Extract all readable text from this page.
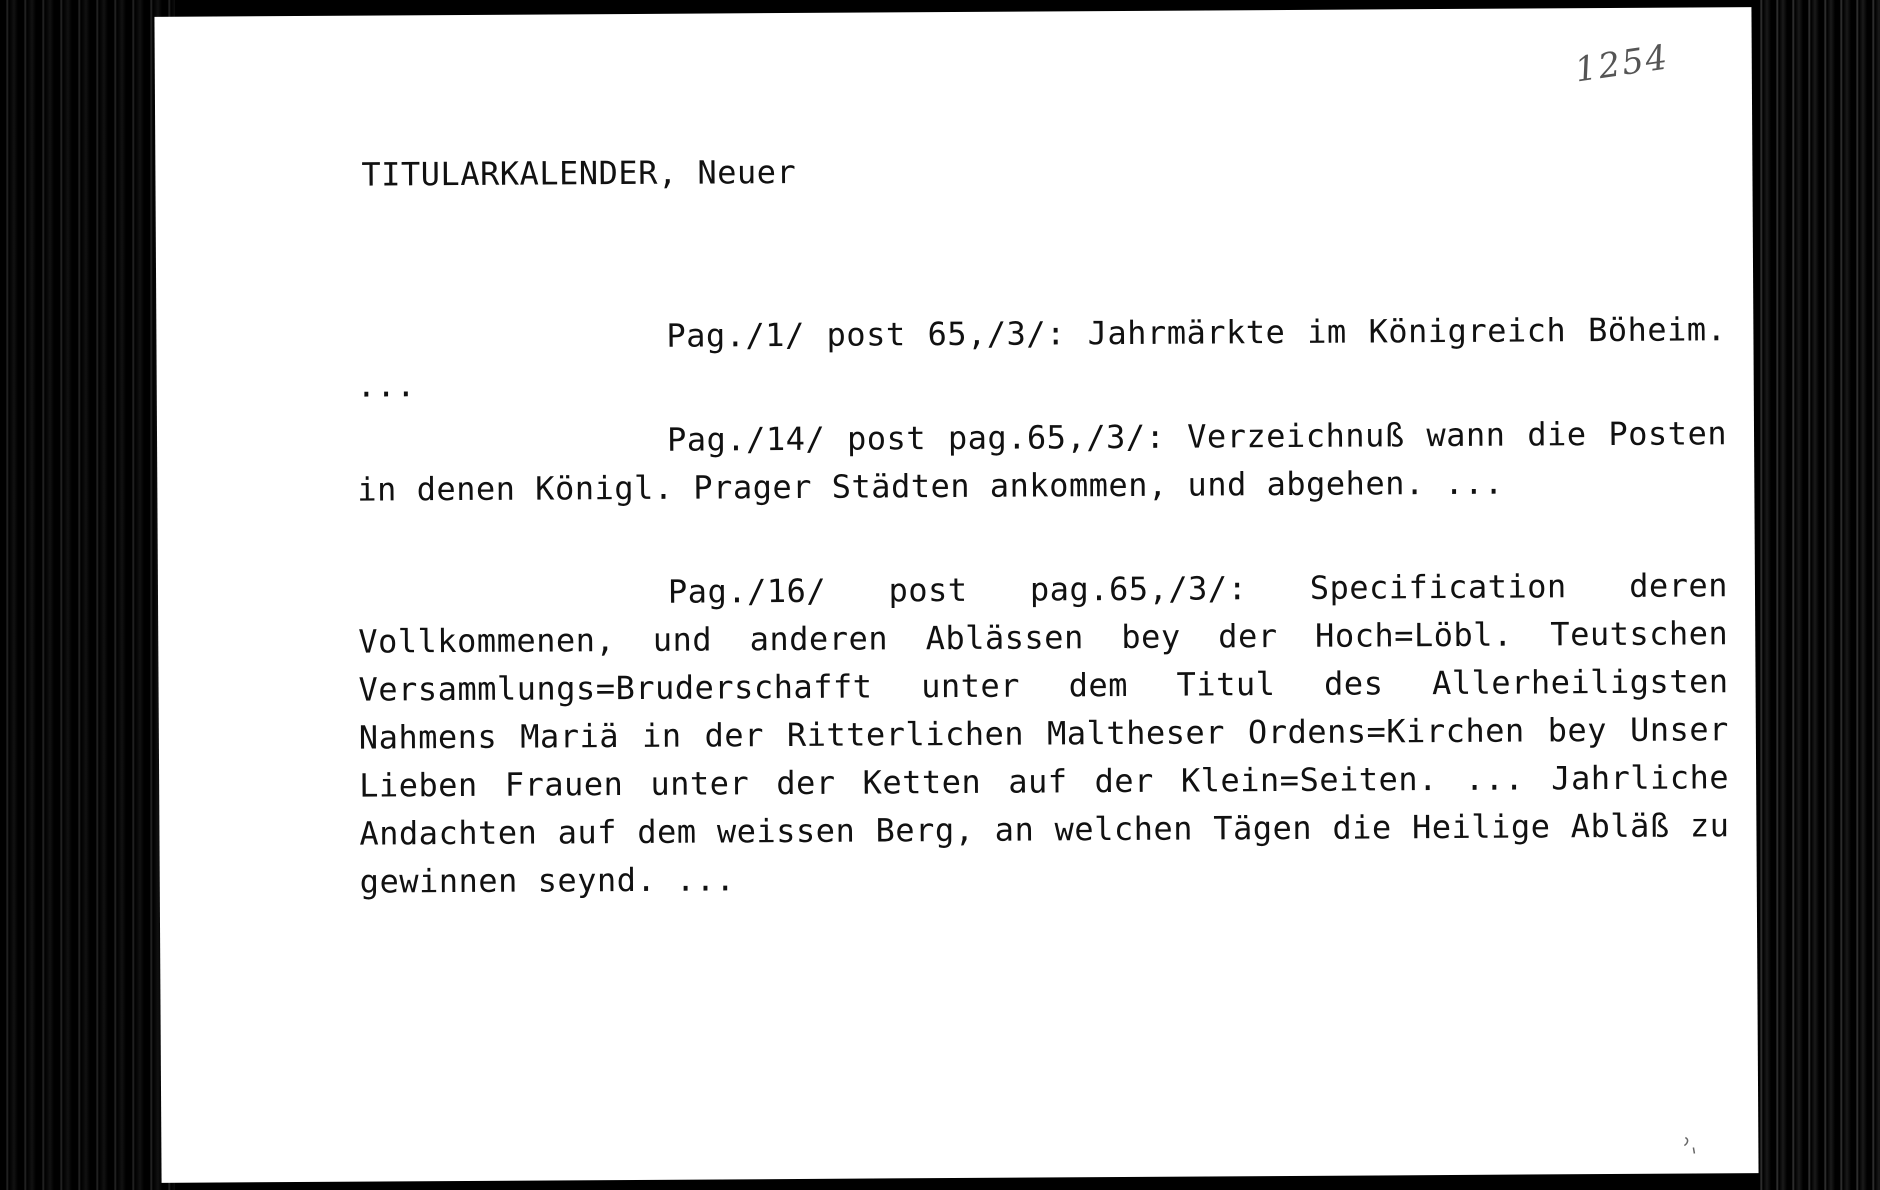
1254
TITULARKALENDER, Neuer
Pag./1/ post 65,/3/: Jahrmärkte im Königreich Böheim. ...
Pag./14/ post pag.65,/3/: Verzeichnuß wann die Posten in denen Königl. Prager Städten ankommen, und abgehen. ...
Pag./16/ post pag.65,/3/: Specification deren Vollkommenen, und anderen Ablässen bey der Hoch=Löbl. Teutschen Versammlungs=Bruderschafft unter dem Titul des Allerheiligsten Nahmens Mariä in der Ritterlichen Maltheser Ordens=Kirchen bey Unser Lieben Frauen unter der Ketten auf der Klein=Seiten. ... Jahrliche Andachten auf dem weissen Berg, an welchen Tägen die Heilige Abläß zu gewinnen seynd. ...
